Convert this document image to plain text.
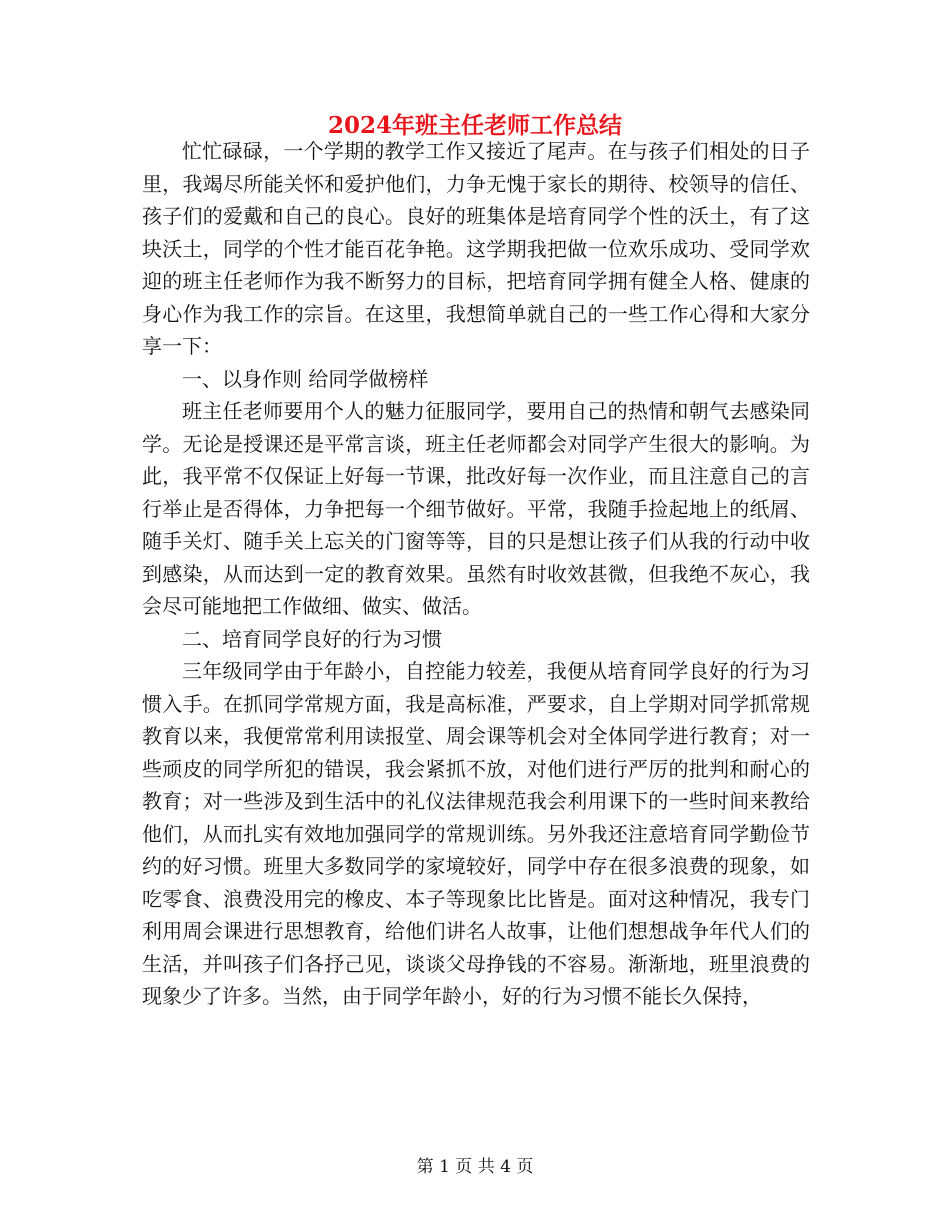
2024年班主任老师工作总结

忙忙碌碌，一个学期的教学工作又接近了尾声。在与孩子们相处的日子里，我竭尽所能关怀和爱护他们，力争无愧于家长的期待、校领导的信任、孩子们的爱戴和自己的良心。良好的班集体是培育同学个性的沃土，有了这块沃土，同学的个性才能百花争艳。这学期我把做一位欢乐成功、受同学欢迎的班主任老师作为我不断努力的目标，把培育同学拥有健全人格、健康的身心作为我工作的宗旨。在这里，我想简单就自己的一些工作心得和大家分享一下：

一、以身作则 给同学做榜样

班主任老师要用个人的魅力征服同学，要用自己的热情和朝气去感染同学。无论是授课还是平常言谈，班主任老师都会对同学产生很大的影响。为此，我平常不仅保证上好每一节课，批改好每一次作业，而且注意自己的言行举止是否得体，力争把每一个细节做好。平常，我随手捡起地上的纸屑、随手关灯、随手关上忘关的门窗等等，目的只是想让孩子们从我的行动中收到感染，从而达到一定的教育效果。虽然有时收效甚微，但我绝不灰心，我会尽可能地把工作做细、做实、做活。

二、培育同学良好的行为习惯

三年级同学由于年龄小，自控能力较差，我便从培育同学良好的行为习惯入手。在抓同学常规方面，我是高标准，严要求，自上学期对同学抓常规教育以来，我便常常利用读报堂、周会课等机会对全体同学进行教育；对一些顽皮的同学所犯的错误，我会紧抓不放，对他们进行严厉的批判和耐心的教育；对一些涉及到生活中的礼仪法律规范我会利用课下的一些时间来教给他们，从而扎实有效地加强同学的常规训练。另外我还注意培育同学勤俭节约的好习惯。班里大多数同学的家境较好，同学中存在很多浪费的现象，如吃零食、浪费没用完的橡皮、本子等现象比比皆是。面对这种情况，我专门利用周会课进行思想教育，给他们讲名人故事，让他们想想战争年代人们的生活，并叫孩子们各抒己见，谈谈父母挣钱的不容易。渐渐地，班里浪费的现象少了许多。当然，由于同学年龄小，好的行为习惯不能长久保持，

第 1 页 共 4 页
